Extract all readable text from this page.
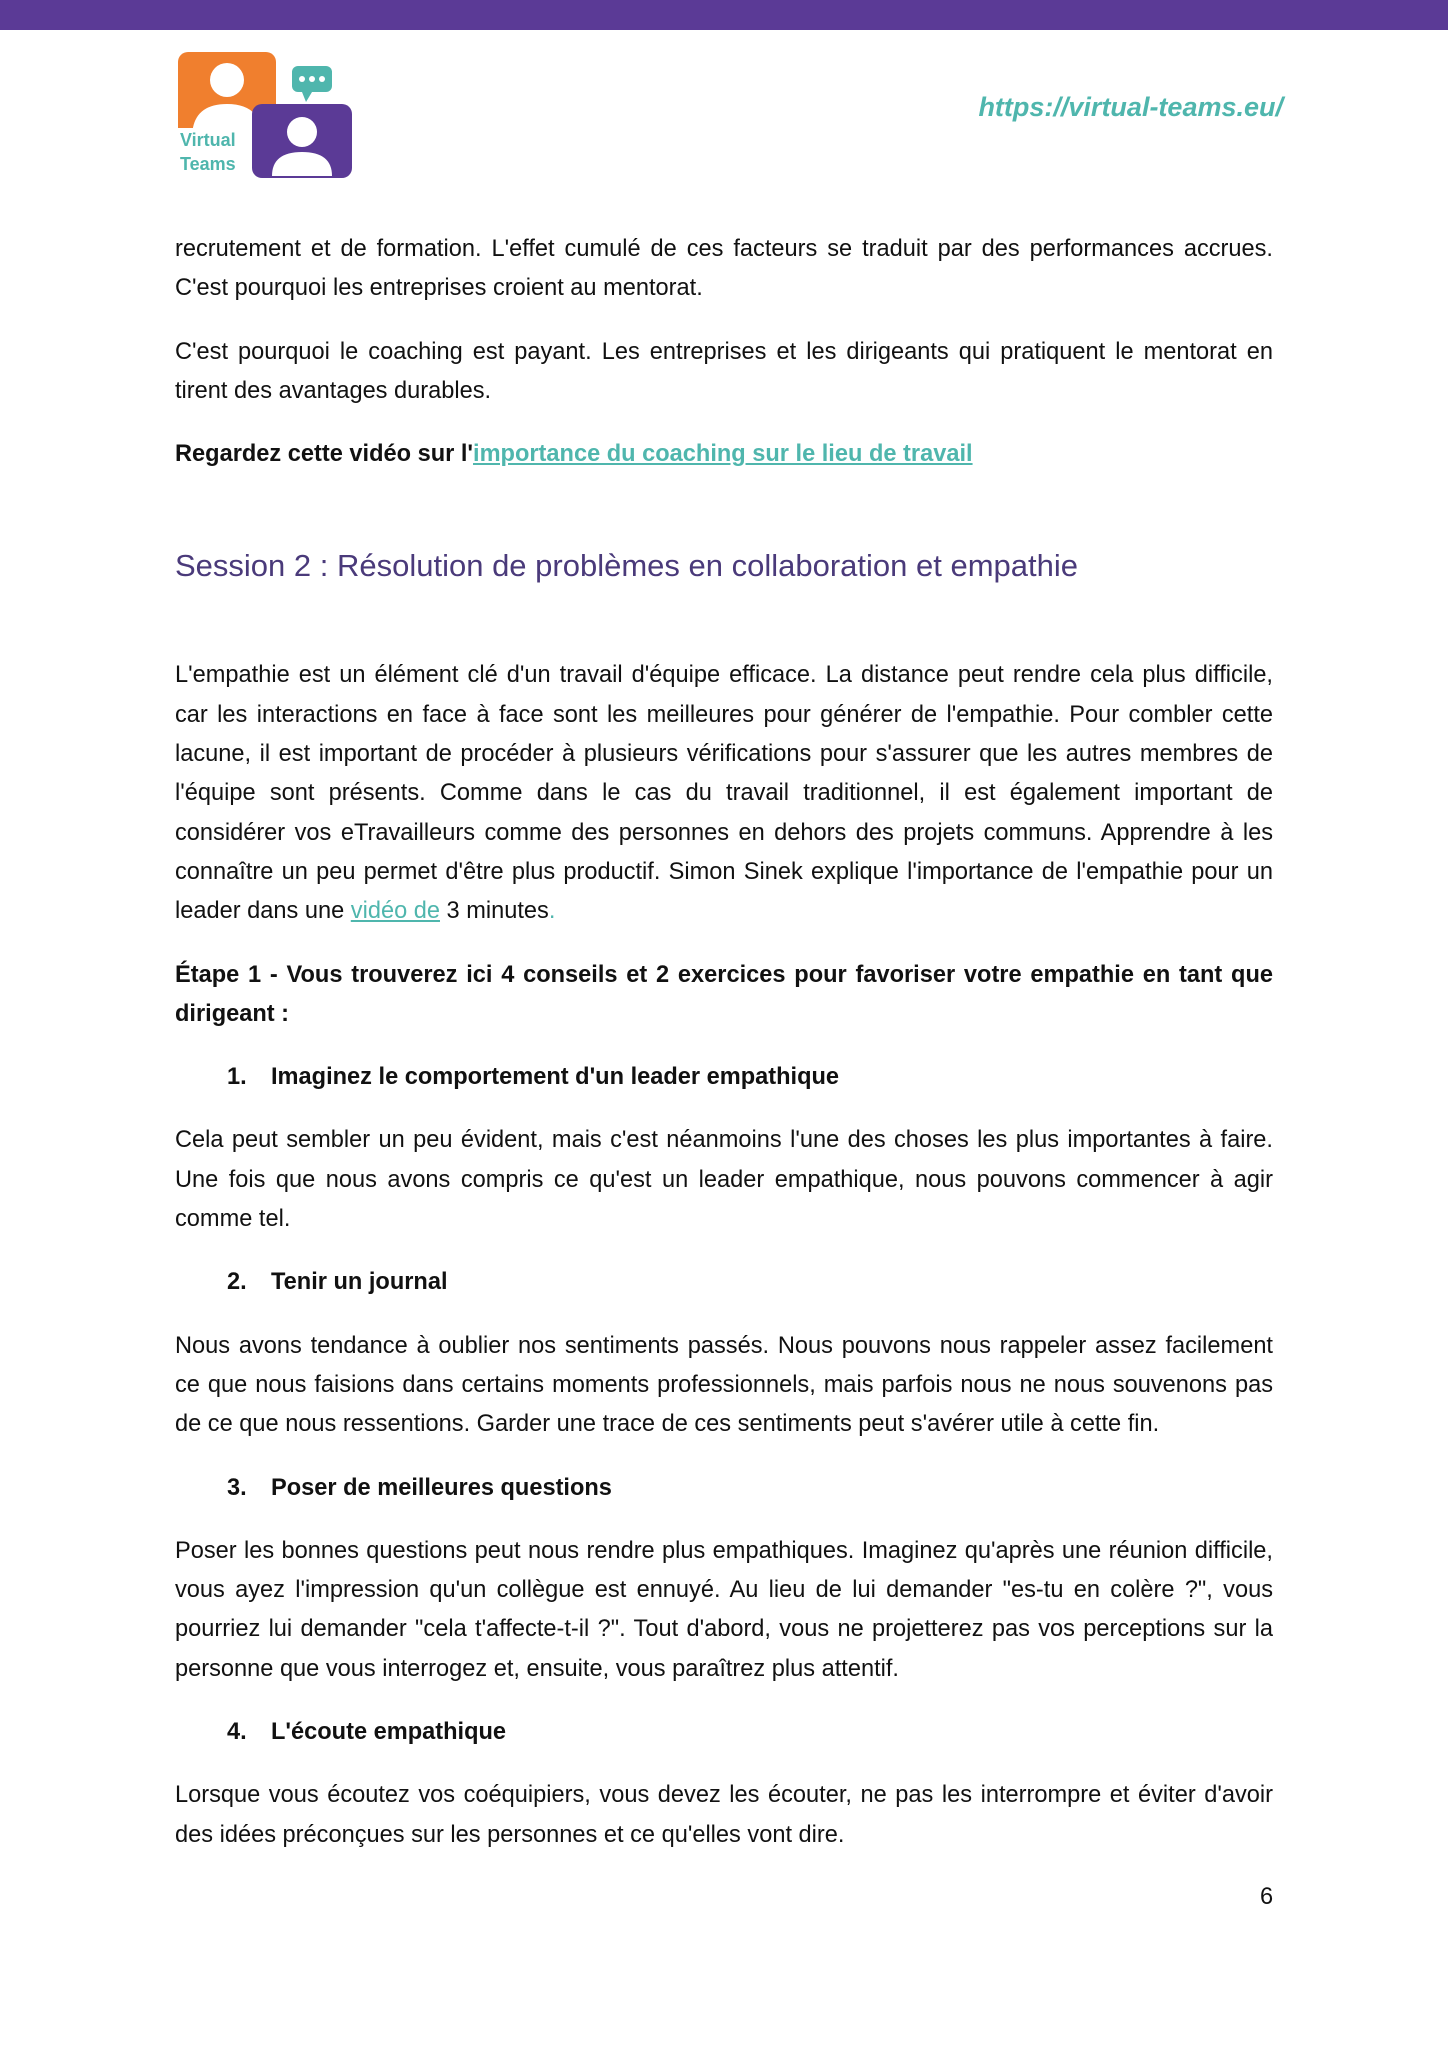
Virtual
Teams
https://virtual-teams.eu/

recrutement et de formation. L'effet cumulé de ces facteurs se traduit par des performances accrues. C'est pourquoi les entreprises croient au mentorat.

C'est pourquoi le coaching est payant. Les entreprises et les dirigeants qui pratiquent le mentorat en tirent des avantages durables.

Regardez cette vidéo sur l'importance du coaching sur le lieu de travail

Session 2 : Résolution de problèmes en collaboration et empathie

L'empathie est un élément clé d'un travail d'équipe efficace. La distance peut rendre cela plus difficile, car les interactions en face à face sont les meilleures pour générer de l'empathie. Pour combler cette lacune, il est important de procéder à plusieurs vérifications pour s'assurer que les autres membres de l'équipe sont présents. Comme dans le cas du travail traditionnel, il est également important de considérer vos eTravailleurs comme des personnes en dehors des projets communs. Apprendre à les connaître un peu permet d'être plus productif. Simon Sinek explique l'importance de l'empathie pour un leader dans une vidéo de 3 minutes.

Étape 1 - Vous trouverez ici 4 conseils et 2 exercices pour favoriser votre empathie en tant que dirigeant :

1. Imaginez le comportement d'un leader empathique

Cela peut sembler un peu évident, mais c'est néanmoins l'une des choses les plus importantes à faire. Une fois que nous avons compris ce qu'est un leader empathique, nous pouvons commencer à agir comme tel.

2. Tenir un journal

Nous avons tendance à oublier nos sentiments passés. Nous pouvons nous rappeler assez facilement ce que nous faisions dans certains moments professionnels, mais parfois nous ne nous souvenons pas de ce que nous ressentions. Garder une trace de ces sentiments peut s'avérer utile à cette fin.

3. Poser de meilleures questions

Poser les bonnes questions peut nous rendre plus empathiques. Imaginez qu'après une réunion difficile, vous ayez l'impression qu'un collègue est ennuyé. Au lieu de lui demander "es-tu en colère ?", vous pourriez lui demander "cela t'affecte-t-il ?". Tout d'abord, vous ne projetterez pas vos perceptions sur la personne que vous interrogez et, ensuite, vous paraîtrez plus attentif.

4. L'écoute empathique

Lorsque vous écoutez vos coéquipiers, vous devez les écouter, ne pas les interrompre et éviter d'avoir des idées préconçues sur les personnes et ce qu'elles vont dire.

6
